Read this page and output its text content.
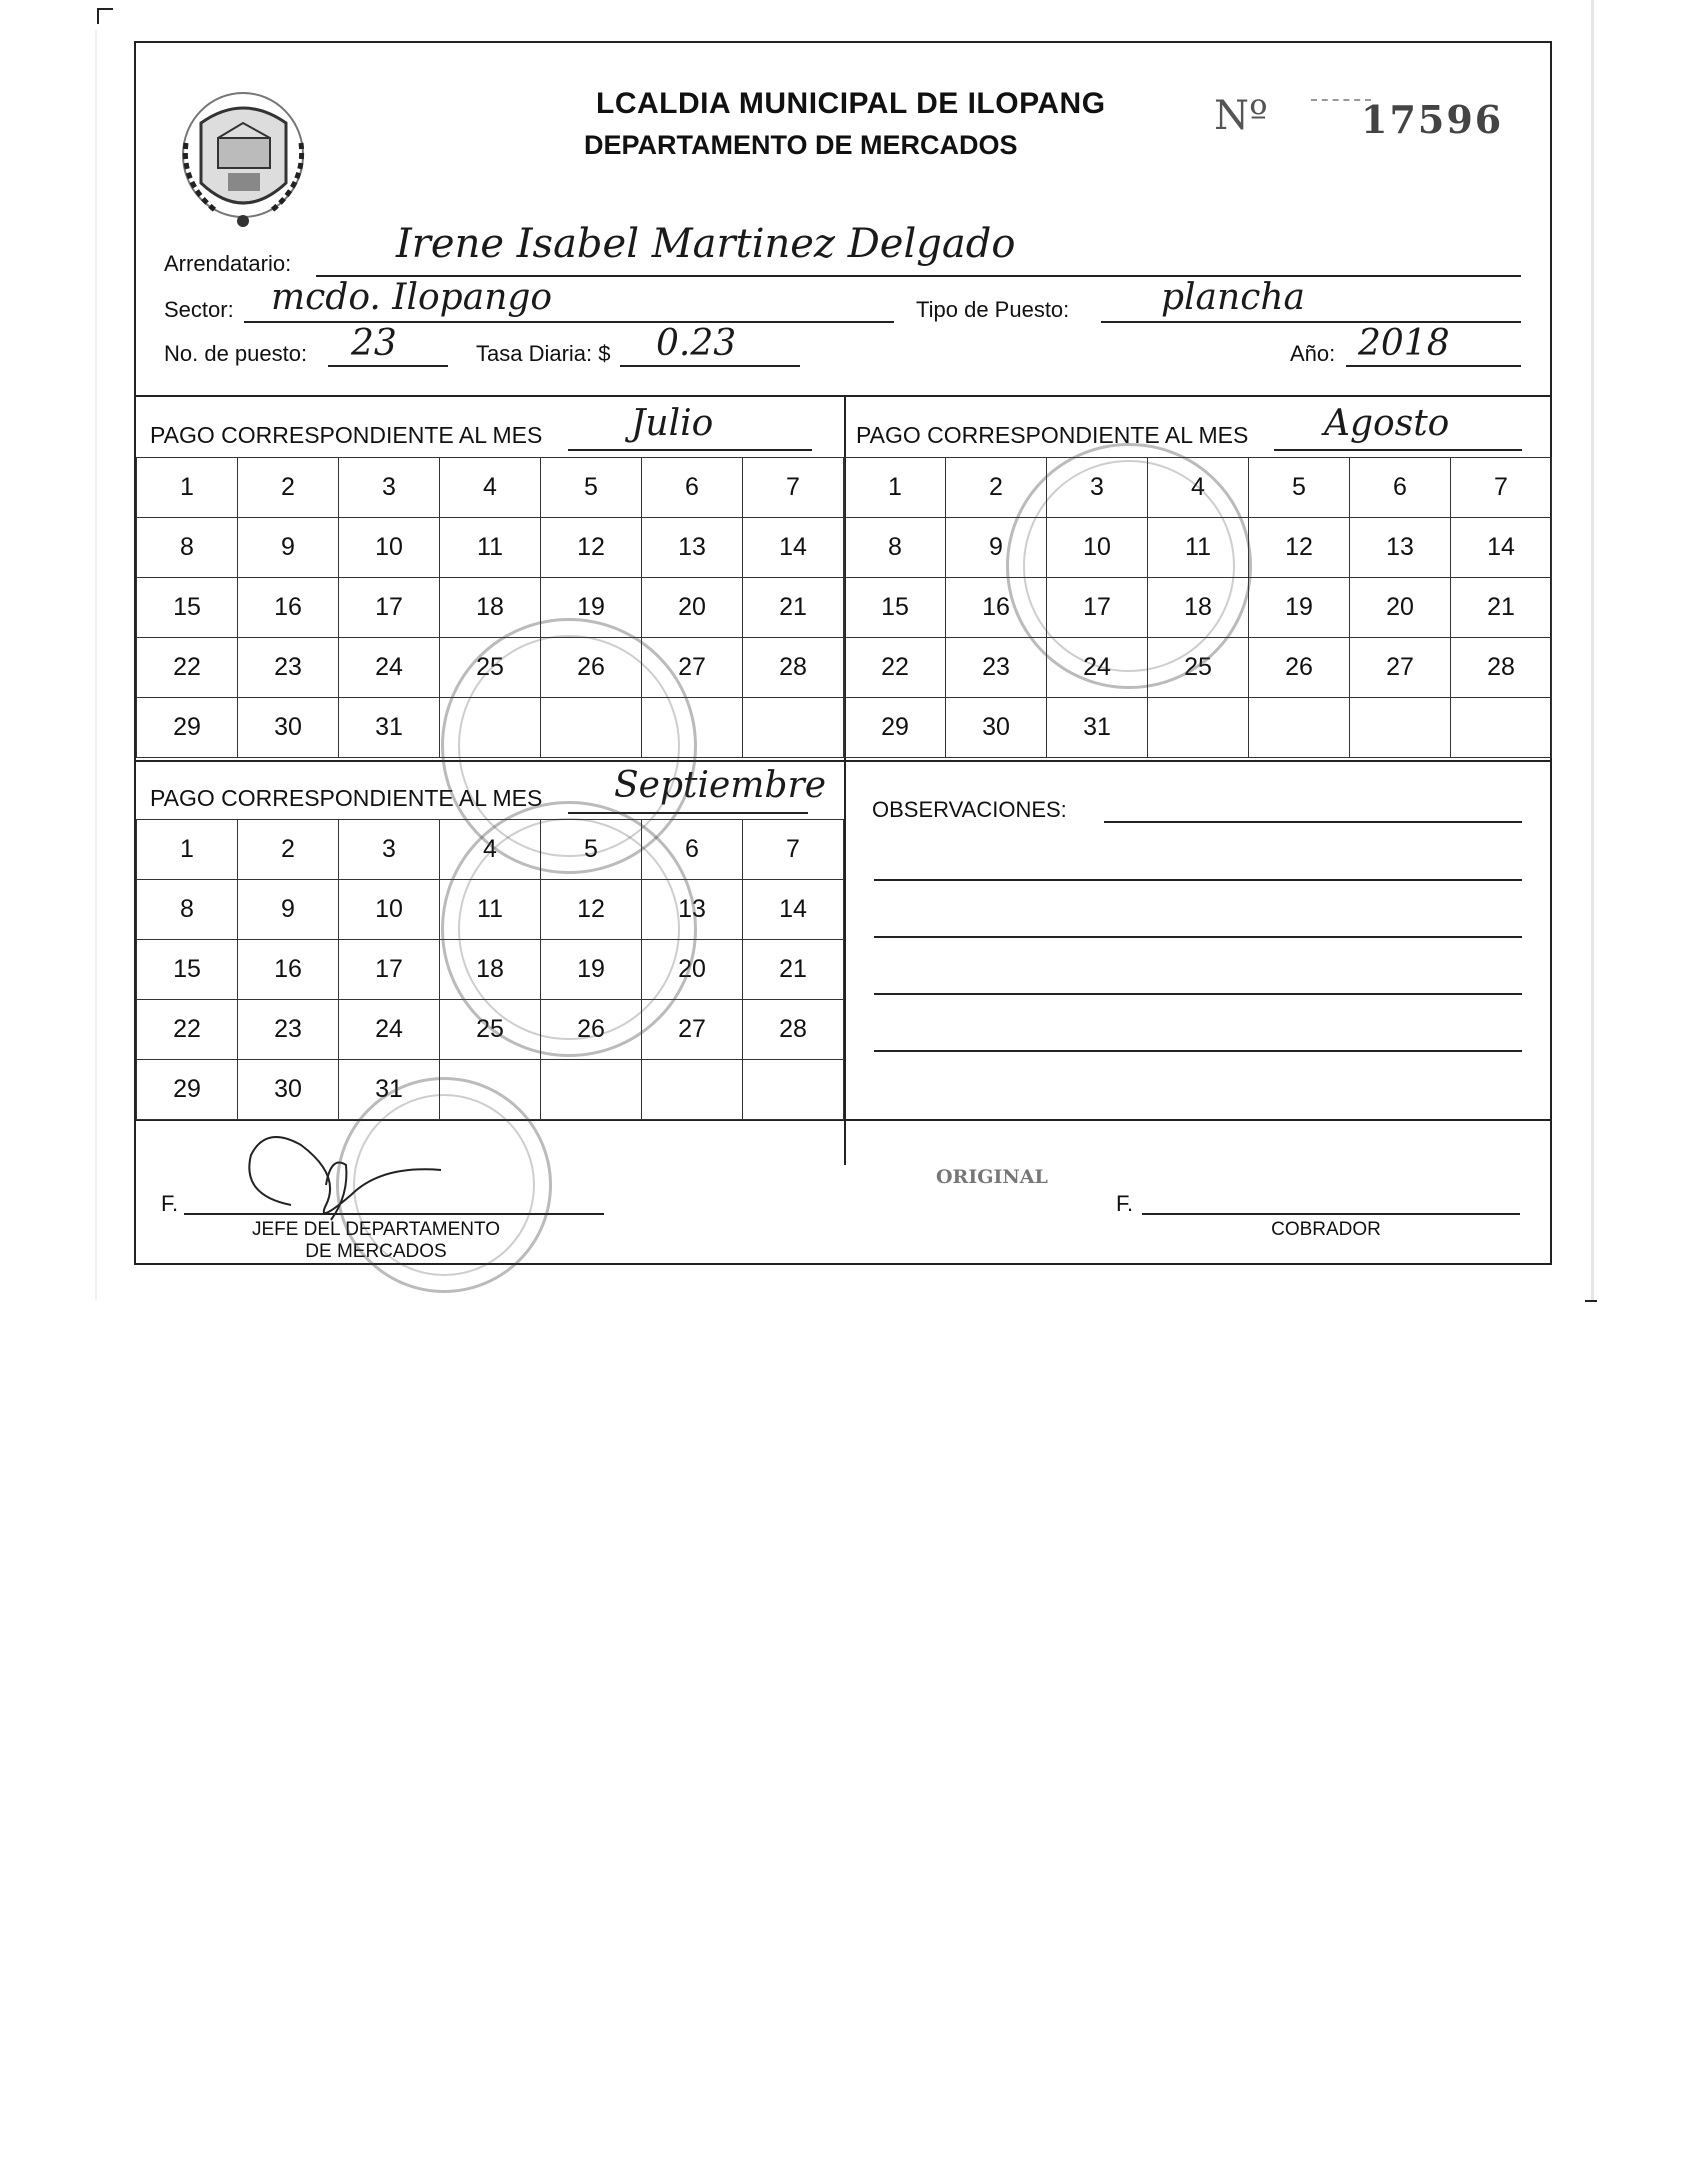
LCALDIA MUNICIPAL DE ILOPANG
DEPARTAMENTO DE MERCADOS
Nº 17596
Arrendatario:	Irene Isabel Martinez Delgado
Sector: mcdo. Ilopango	Tipo de Puesto:	plancha
No. de puesto: 23	Tasa Diaria: $ 0.23	Año: 2018
PAGO CORRESPONDIENTE AL MES Julio
1	2	3	4	5	6	7
8	9	10	11	12	13	14
15	16	17	18	19	20	21
22	23	24	25	26	27	28
29	30	31				
PAGO CORRESPONDIENTE AL MES Agosto
1	2	3	4	5	6	7
8	9	10	11	12	13	14
15	16	17	18	19	20	21
22	23	24	25	26	27	28
29	30	31				
PAGO CORRESPONDIENTE AL MES Septiembre
1	2	3	4	5	6	7
8	9	10	11	12	13	14
15	16	17	18	19	20	21
22	23	24	25	26	27	28
29	30	31				
OBSERVACIONES:
ORIGINAL
F.
JEFE DEL DEPARTAMENTO
DE MERCADOS
F.
COBRADOR
